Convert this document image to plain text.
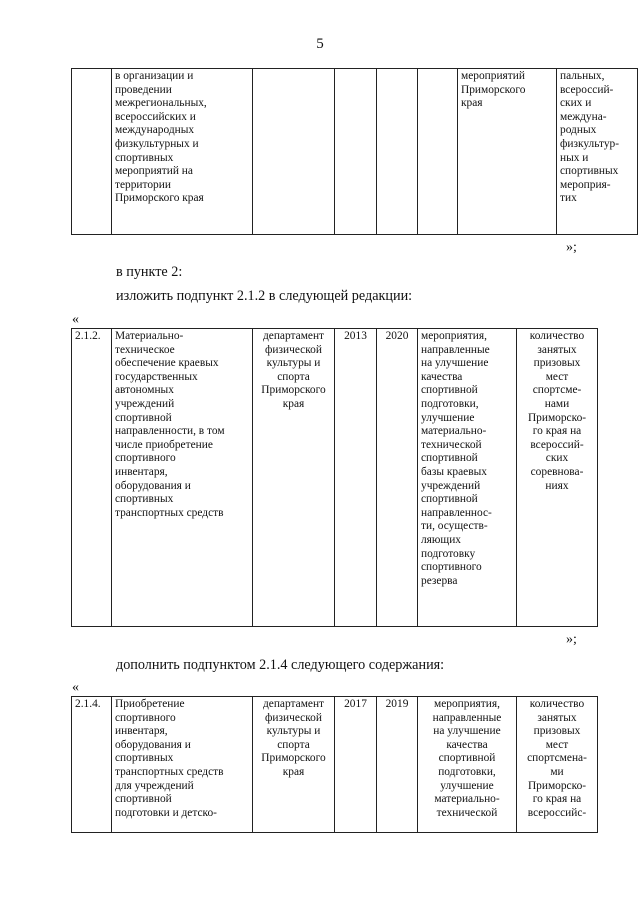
5
	в организации и
проведении
межрегиональных,
всероссийских и
международных
физкультурных и
спортивных
мероприятий на
территории
Приморского края					мероприятий
Приморского
края	пальных,
всероссий-
ских и
междуна-
родных
физкультур-
ных и
спортивных
мероприя-
тих
»;
в пункте 2:
изложить подпункт 2.1.2 в следующей редакции:
«
2.1.2.	Материально-
техническое
обеспечение краевых
государственных
автономных
учреждений
спортивной
направленности, в том
числе приобретение
спортивного
инвентаря,
оборудования и
спортивных
транспортных средств	департамент
физической
культуры и
спорта
Приморского
края	2013	2020	мероприятия,
направленные
на улучшение
качества
спортивной
подготовки,
улучшение
материально-
технической
спортивной
базы краевых
учреждений
спортивной
направленнос-
ти, осуществ-
ляющих
подготовку
спортивного
резерва	количество
занятых
призовых
мест
спортсме-
нами
Приморско-
го края на
всероссий-
ских
соревнова-
ниях
»;
дополнить подпунктом 2.1.4 следующего содержания:
«
2.1.4.	Приобретение
спортивного
инвентаря,
оборудования и
спортивных
транспортных средств
для учреждений
спортивной
подготовки и детско-	департамент
физической
культуры и
спорта
Приморского
края	2017	2019	мероприятия,
направленные
на улучшение
качества
спортивной
подготовки,
улучшение
материально-
технической	количество
занятых
призовых
мест
спортсмена-
ми
Приморско-
го края на
всероссийс-
